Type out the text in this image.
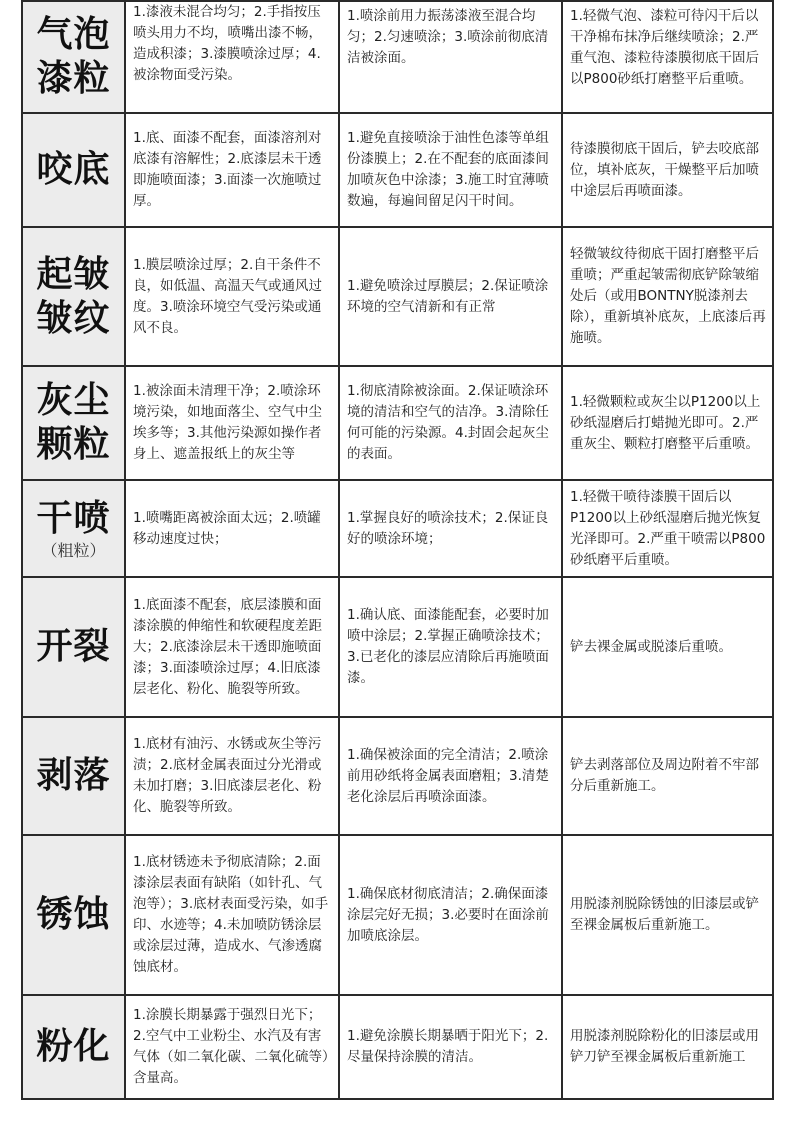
气泡
漆粒	1.漆液未混合均匀；2.手指按压喷头用力不均，喷嘴出漆不畅，造成积漆；3.漆膜喷涂过厚；4.被涂物面受污染。	1.喷涂前用力振荡漆液至混合均匀；2.匀速喷涂；3.喷涂前彻底清洁被涂面。	1.轻微气泡、漆粒可待闪干后以干净棉布抹净后继续喷涂；2.严重气泡、漆粒待漆膜彻底干固后以P800砂纸打磨整平后重喷。

咬底	1.底、面漆不配套，面漆溶剂对底漆有溶解性；2.底漆层未干透即施喷面漆；3.面漆一次施喷过厚。	1.避免直接喷涂于油性色漆等单组份漆膜上；2.在不配套的底面漆间加喷灰色中涂漆；3.施工时宜薄喷数遍，每遍间留足闪干时间。	待漆膜彻底干固后，铲去咬底部位，填补底灰，干燥整平后加喷中途层后再喷面漆。

起皱
皱纹	1.膜层喷涂过厚；2.自干条件不良，如低温、高温天气或通风过度。3.喷涂环境空气受污染或通风不良。	1.避免喷涂过厚膜层；2.保证喷涂环境的空气清新和有正常	轻微皱纹待彻底干固打磨整平后重喷；严重起皱需彻底铲除皱缩处后（或用BONTNY脱漆剂去除），重新填补底灰，上底漆后再施喷。

灰尘
颗粒	1.被涂面未清理干净；2.喷涂环境污染，如地面落尘、空气中尘埃多等；3.其他污染源如操作者身上、遮盖报纸上的灰尘等	1.彻底清除被涂面。2.保证喷涂环境的清洁和空气的洁净。3.清除任何可能的污染源。4.封固会起灰尘的表面。	1.轻微颗粒或灰尘以P1200以上砂纸湿磨后打蜡抛光即可。2.严重灰尘、颗粒打磨整平后重喷。

干喷
（粗粒）	1.喷嘴距离被涂面太远；2.喷罐移动速度过快；	1.掌握良好的喷涂技术；2.保证良好的喷涂环境；	1.轻微干喷待漆膜干固后以P1200以上砂纸湿磨后抛光恢复光泽即可。2.严重干喷需以P800砂纸磨平后重喷。

开裂	1.底面漆不配套，底层漆膜和面漆涂膜的伸缩性和软硬程度差距大；2.底漆涂层未干透即施喷面漆；3.面漆喷涂过厚；4.旧底漆层老化、粉化、脆裂等所致。	1.确认底、面漆能配套，必要时加喷中涂层；2.掌握正确喷涂技术；3.已老化的漆层应清除后再施喷面漆。	铲去裸金属或脱漆后重喷。

剥落	1.底材有油污、水锈或灰尘等污渍；2.底材金属表面过分光滑或未加打磨；3.旧底漆层老化、粉化、脆裂等所致。	1.确保被涂面的完全清洁；2.喷涂前用砂纸将金属表面磨粗；3.清楚老化涂层后再喷涂面漆。	铲去剥落部位及周边附着不牢部分后重新施工。

锈蚀	1.底材锈迹未予彻底清除；2.面漆涂层表面有缺陷（如针孔、气泡等）；3.底材表面受污染，如手印、水迹等；4.未加喷防锈涂层或涂层过薄，造成水、气渗透腐蚀底材。	1.确保底材彻底清洁；2.确保面漆涂层完好无损；3.必要时在面涂前加喷底涂层。	用脱漆剂脱除锈蚀的旧漆层或铲至裸金属板后重新施工。

粉化	1.涂膜长期暴露于强烈日光下；2.空气中工业粉尘、水汽及有害气体（如二氧化碳、二氧化硫等）含量高。	1.避免涂膜长期暴晒于阳光下；2.尽量保持涂膜的清洁。	用脱漆剂脱除粉化的旧漆层或用铲刀铲至裸金属板后重新施工
